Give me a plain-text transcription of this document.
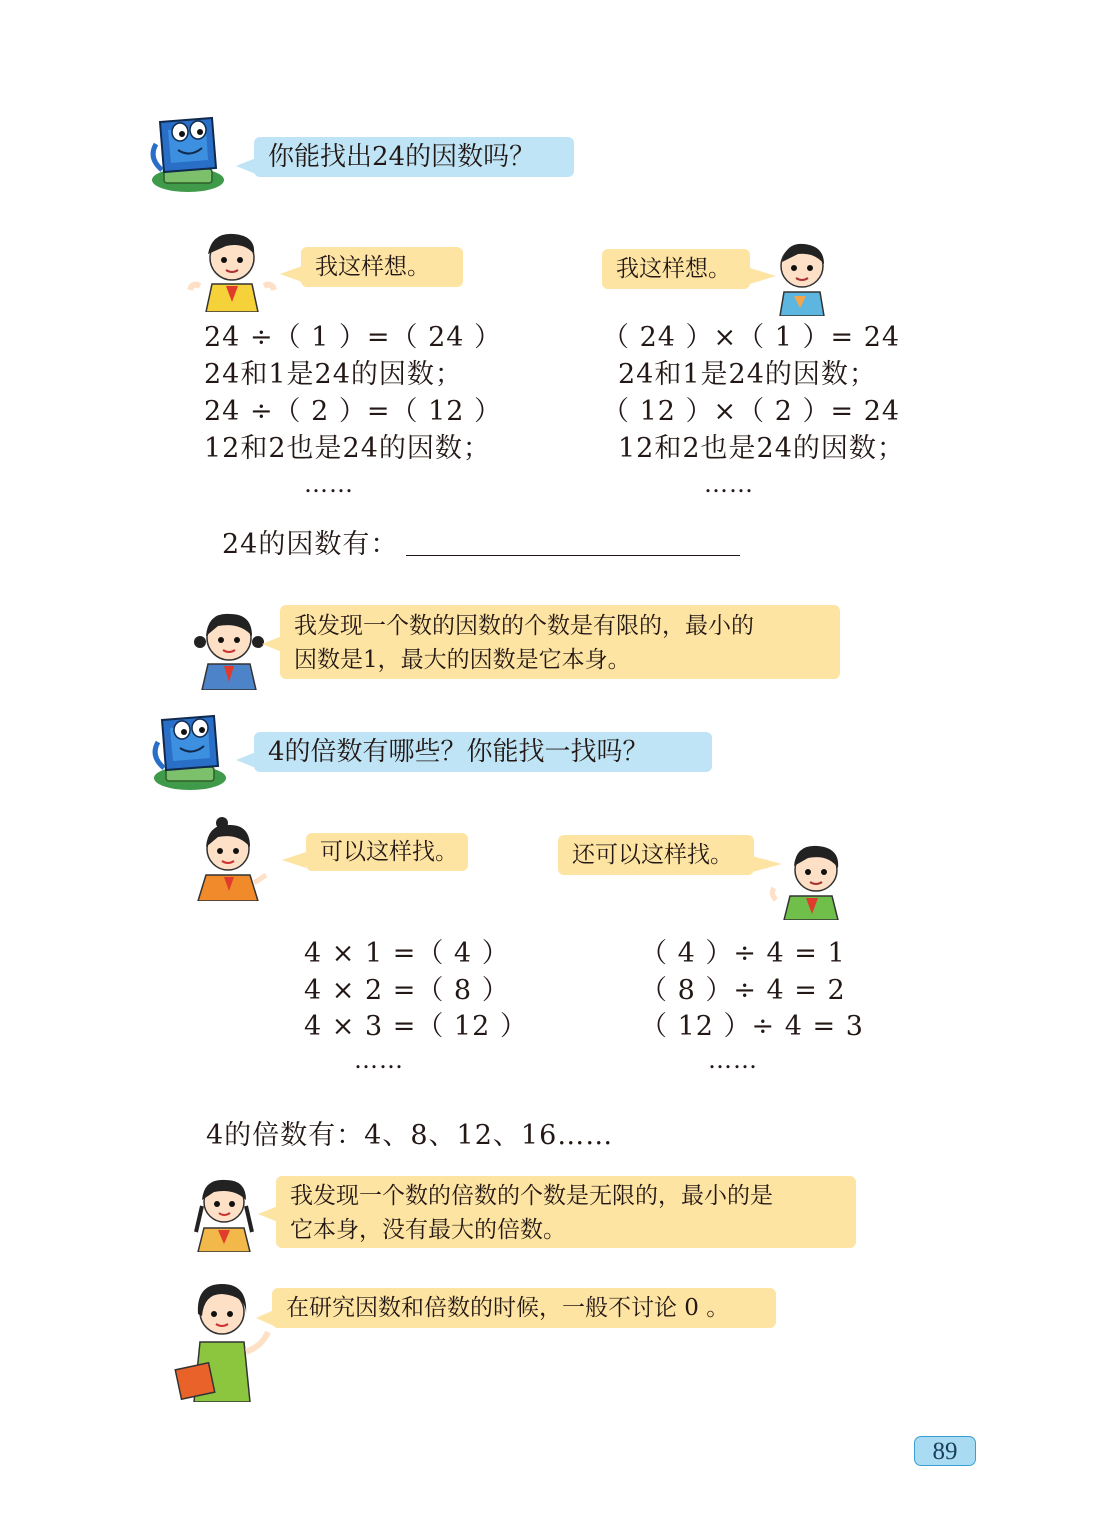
你能找出24的因数吗？
我这样想。	我这样想。
24 ÷（ 1 ）=（ 24 ）
24和1是24的因数；
24 ÷（ 2 ）=（ 12 ）
12和2也是24的因数；
……
（ 24 ）×（ 1 ）= 24
24和1是24的因数；
（ 12 ）×（ 2 ）= 24
12和2也是24的因数；
……
24的因数有：
我发现一个数的因数的个数是有限的，最小的
因数是1，最大的因数是它本身。
4的倍数有哪些？你能找一找吗？
可以这样找。	还可以这样找。
4 × 1 =（ 4 ）
4 × 2 =（ 8 ）
4 × 3 =（ 12 ）
……
（ 4 ）÷ 4 = 1
（ 8 ）÷ 4 = 2
（ 12 ）÷ 4 = 3
……
4的倍数有：4、8、12、16……
我发现一个数的倍数的个数是无限的，最小的是
它本身，没有最大的倍数。
在研究因数和倍数的时候，一般不讨论 0 。
89
